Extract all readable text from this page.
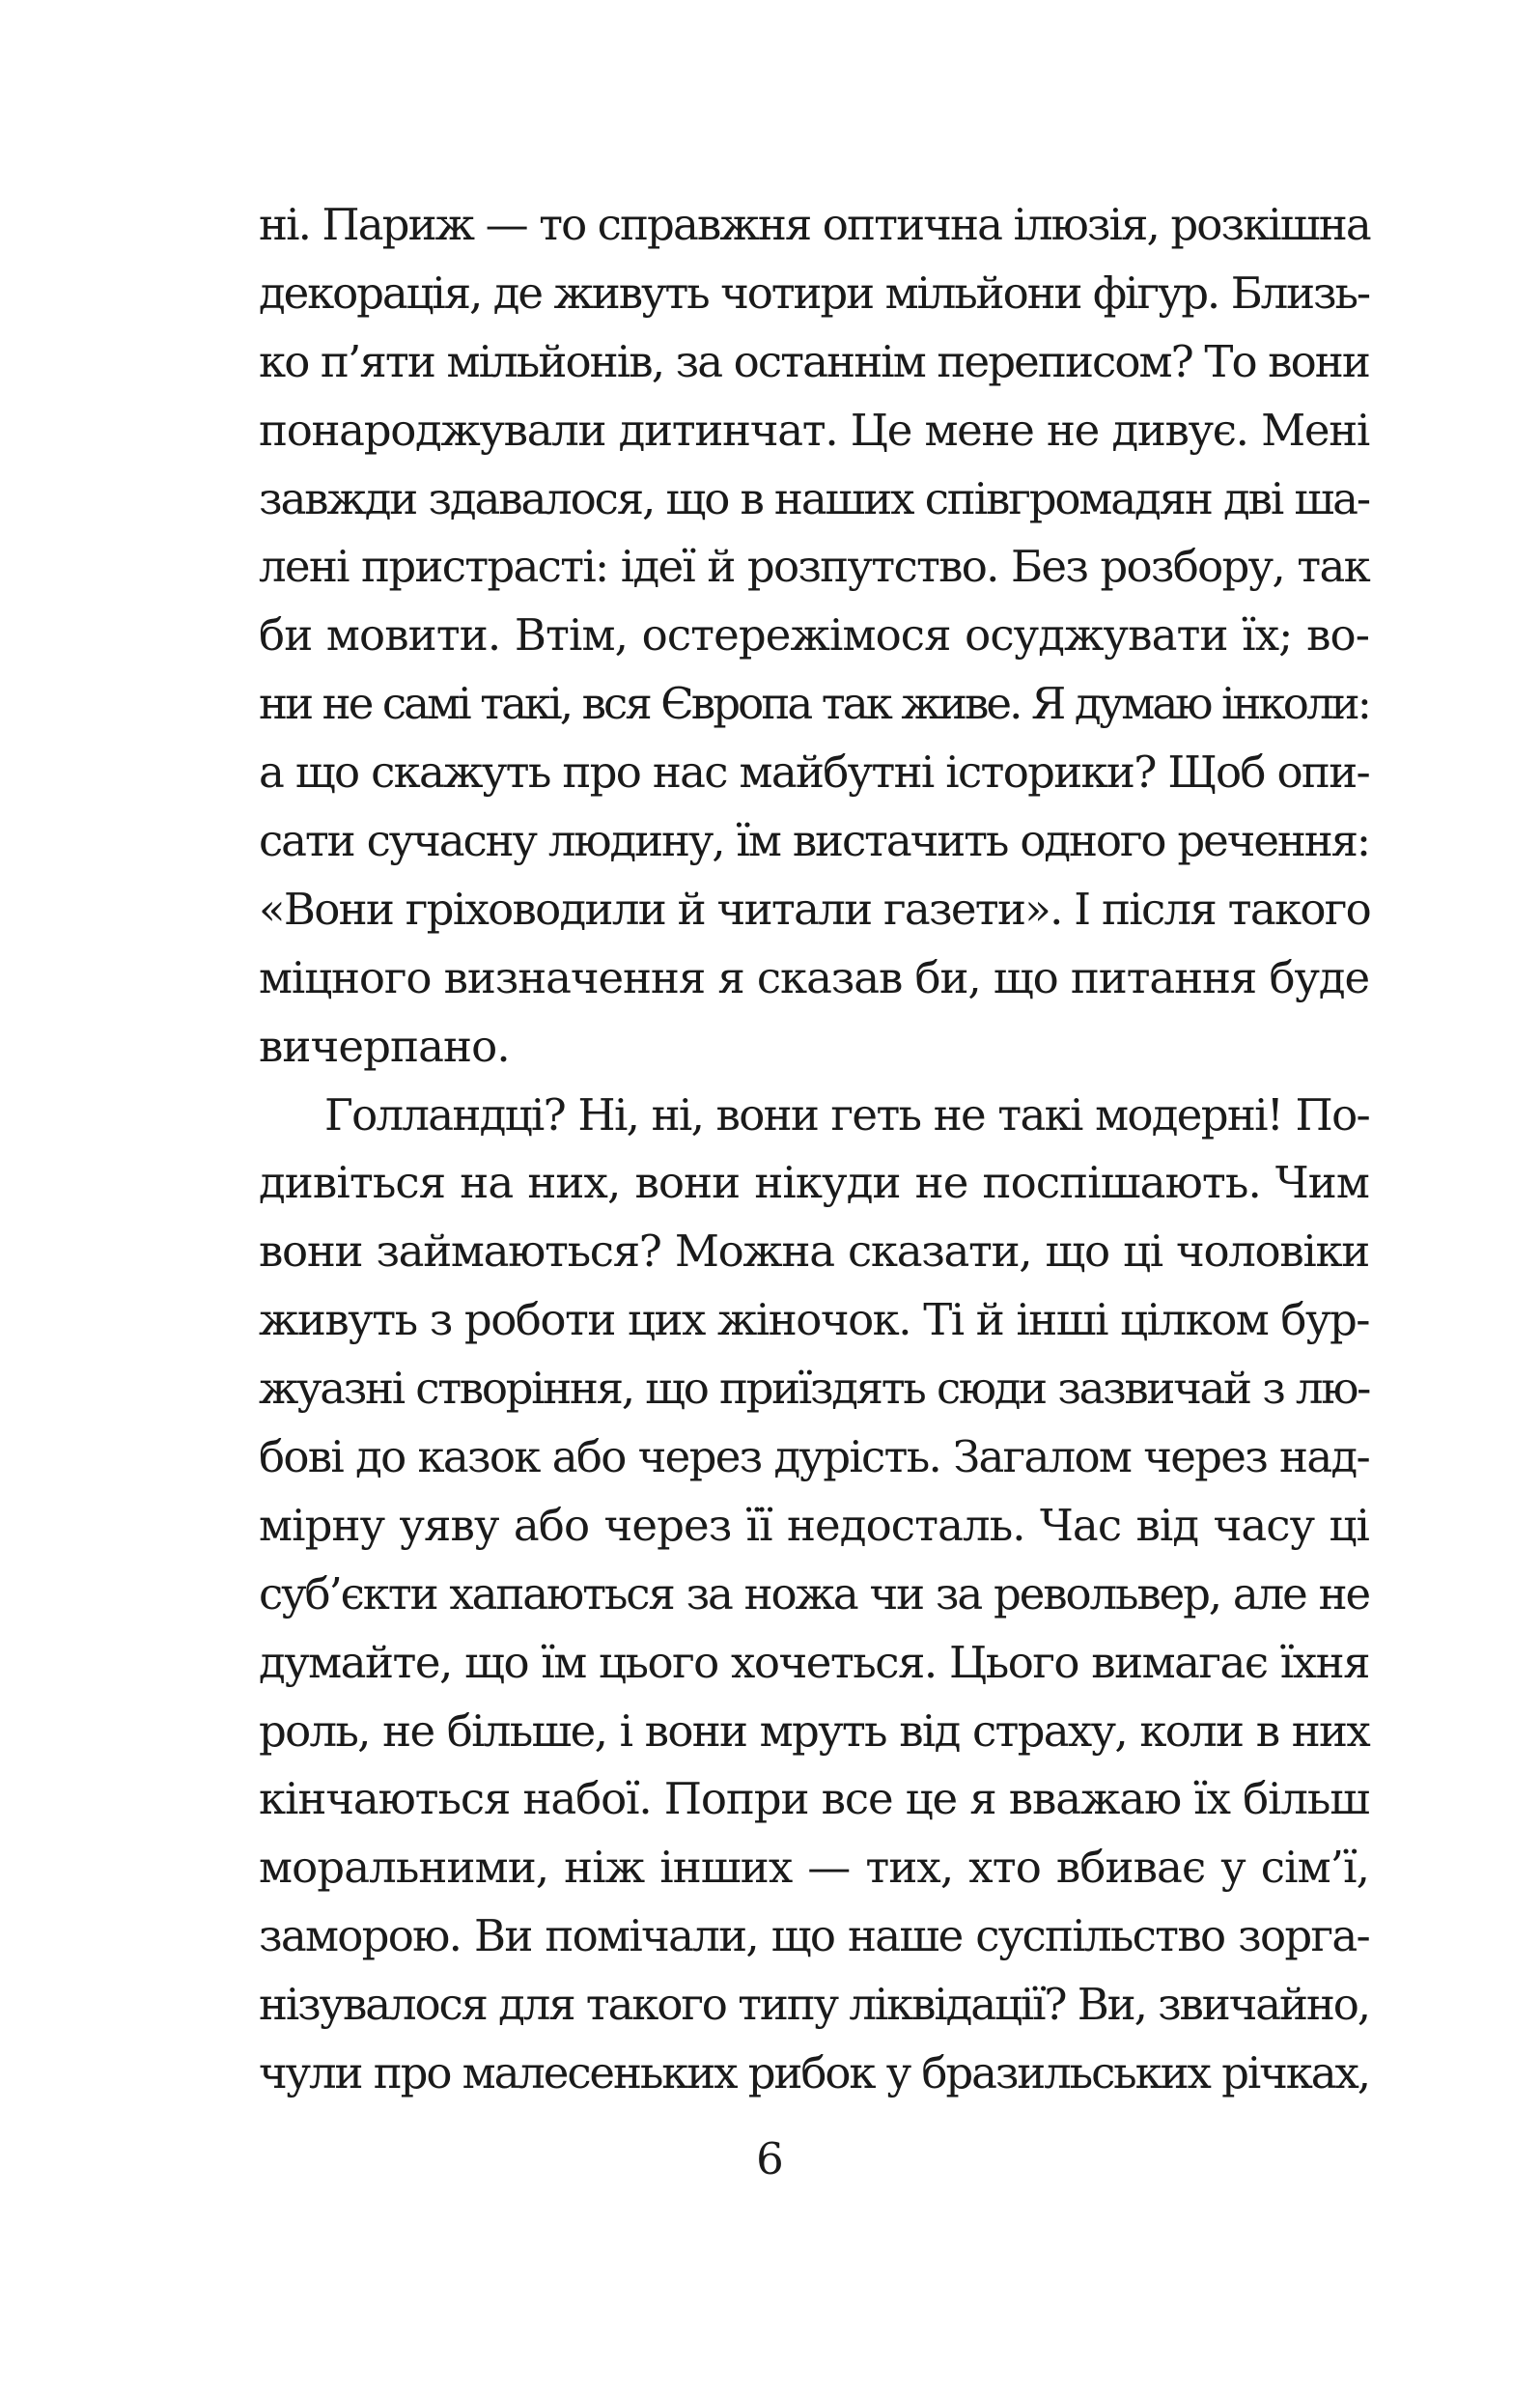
ні. Париж — то справжня оптична ілюзія, розкішна
декорація, де живуть чотири мільйони фігур. Близь-
ко п’яти мільйонів, за останнім переписом? То вони
понароджували дитинчат. Це мене не дивує. Мені
завжди здавалося, що в наших співгромадян дві ша-
лені пристрасті: ідеї й розпутство. Без розбору, так
би мовити. Втім, остережімося осуджувати їх; во-
ни не самі такі, вся Європа так живе. Я думаю інколи:
а що скажуть про нас майбутні історики? Щоб опи-
сати сучасну людину, їм вистачить одного речення:
«Вони гріховодили й читали газети». І після такого
міцного визначення я сказав би, що питання буде
вичерпано.
Голландці? Ні, ні, вони геть не такі модерні! По-
дивіться на них, вони нікуди не поспішають. Чим
вони займаються? Можна сказати, що ці чоловіки
живуть з роботи цих жіночок. Ті й інші цілком бур-
жуазні створіння, що приїздять сюди зазвичай з лю-
бові до казок або через дурість. Загалом через над-
мірну уяву або через її недосталь. Час від часу ці
суб’єкти хапаються за ножа чи за револьвер, але не
думайте, що їм цього хочеться. Цього вимагає їхня
роль, не більше, і вони мруть від страху, коли в них
кінчаються набої. Попри все це я вважаю їх більш
моральними, ніж інших — тих, хто вбиває у сім’ї,
заморою. Ви помічали, що наше суспільство зорга-
нізувалося для такого типу ліквідації? Ви, звичайно,
чули про малесеньких рибок у бразильських річках,
6
